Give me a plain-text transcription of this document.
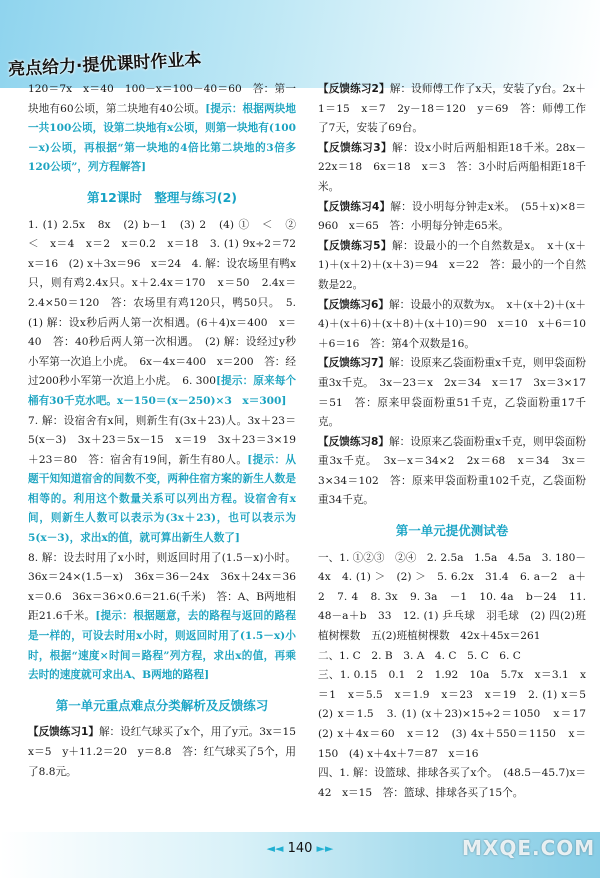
亮点给力·提优课时作业本

120＝7x　x＝40　100－x＝100－40＝60　答：第一块地有60公顷，第二块地有40公顷。[提示：根据两块地一共100公顷，设第二块地有x公顷，则第一块地有(100－x)公顷，再根据“第一块地的4倍比第二块地的3倍多120公顷”，列方程解答]

第12课时　整理与练习(2)

1. (1) 2.5x　8x　(2) b－1　(3) 2　(4) ①　＜　②　＜　x＝4　x＝2　x＝0.2　x＝18　3. (1) 9x÷2＝72　x＝16　(2) x＋3x＝96　x＝24　4. 解：设农场里有鸭x只，则有鸡2.4x只。x＋2.4x＝170　x＝50　2.4x＝2.4×50＝120　答：农场里有鸡120只，鸭50只。　5. (1) 解：设x秒后两人第一次相遇。(6＋4)x＝400　x＝40　答：40秒后两人第一次相遇。　(2) 解：设经过y秒小军第一次追上小虎。　6x－4x＝400　x＝200　答：经过200秒小军第一次追上小虎。　6. 300[提示：原来每个桶有30千克水吧。x－150＝(x－250)×3　x＝300]

7. 解：设宿舍有x间，则新生有(3x＋23)人。3x＋23＝5(x－3)　3x＋23＝5x－15　x＝19　3x＋23＝3×19＋23＝80　答：宿舍有19间，新生有80人。[提示：从题干知知道宿舍的间数不变，两种住宿方案的新生人数是相等的。利用这个数量关系可以列出方程。设宿舍有x间，则新生人数可以表示为(3x＋23)，也可以表示为5(x－3)，求出x的值，就可算出新生人数了]

8. 解：设去时用了x小时，则返回时用了(1.5－x)小时。36x＝24×(1.5－x)　36x＝36－24x　36x＋24x＝36　x＝0.6　36x＝36×0.6＝21.6(千米)　答：A、B两地相距21.6千米。[提示：根据题意，去的路程与返回的路程是一样的，可设去时用x小时，则返回时用了(1.5－x)小时，根据“速度×时间＝路程”列方程，求出x的值，再乘去时的速度就可求出A、B两地的路程]

第一单元重点难点分类解析及反馈练习

【反馈练习1】解：设红气球买了x个，用了y元。3x＝15　x＝5　y＋11.2＝20　y＝8.8　答：红气球买了5个，用了8.8元。

【反馈练习2】解：设师傅工作了x天，安装了y台。2x＋1＝15　x＝7　2y－18＝120　y＝69　答：师傅工作了7天，安装了69台。

【反馈练习3】解：设x小时后两船相距18千米。28x－22x＝18　6x＝18　x＝3　答：3小时后两船相距18千米。

【反馈练习4】解：设小明每分钟走x米。　(55＋x)×8＝960　x＝65　答：小明每分钟走65米。

【反馈练习5】解：设最小的一个自然数是x。　x＋(x＋1)＋(x＋2)＋(x＋3)＝94　x＝22　答：最小的一个自然数是22。

【反馈练习6】解：设最小的双数为x。　x＋(x＋2)＋(x＋4)＋(x＋6)＋(x＋8)＋(x＋10)＝90　x＝10　x＋6＝10＋6＝16　答：第4个双数是16。

【反馈练习7】解：设原来乙袋面粉重x千克，则甲袋面粉重3x千克。　3x－23＝x　2x＝34　x＝17　3x＝3×17＝51　答：原来甲袋面粉重51千克，乙袋面粉重17千克。

【反馈练习8】解：设原来乙袋面粉重x千克，则甲袋面粉重3x千克。　3x－x＝34×2　2x＝68　x＝34　3x＝3×34＝102　答：原来甲袋面粉重102千克，乙袋面粉重34千克。

第一单元提优测试卷

一、1. ①②③　②④　2. 2.5a　1.5a　4.5a　3. 180－4x　4. (1) ＞　(2) ＞　5. 6.2x　31.4　6. a－2　a＋2　7. 4　8. 3x　9. 3a　－1　10. 4a　b－24　11. 48－a＋b　33　12. (1) 乒乓球　羽毛球　(2) 四(2)班植树棵数　五(2)班植树棵数　42x＋45x＝261

二、1. C　2. B　3. A　4. C　5. C　6. C

三、1. 0.15　0.1　2　1.92　10a　5.7x　x＝3.1　x＝1　x＝5.5　x＝1.9　x＝23　x＝19　2. (1) x＝5　(2) x＝1.5　3. (1) (x＋23)×15÷2＝1050　x＝17　(2) x＋4x＝60　x＝12　(3) 4x＋550＝1150　x＝150　(4) x＋4x＋7＝87　x＝16

四、1. 解：设篮球、排球各买了x个。　(48.5－45.7)x＝42　x＝15　答：篮球、排球各买了15个。

◄◄ 140 ►►	MXQE.COM
